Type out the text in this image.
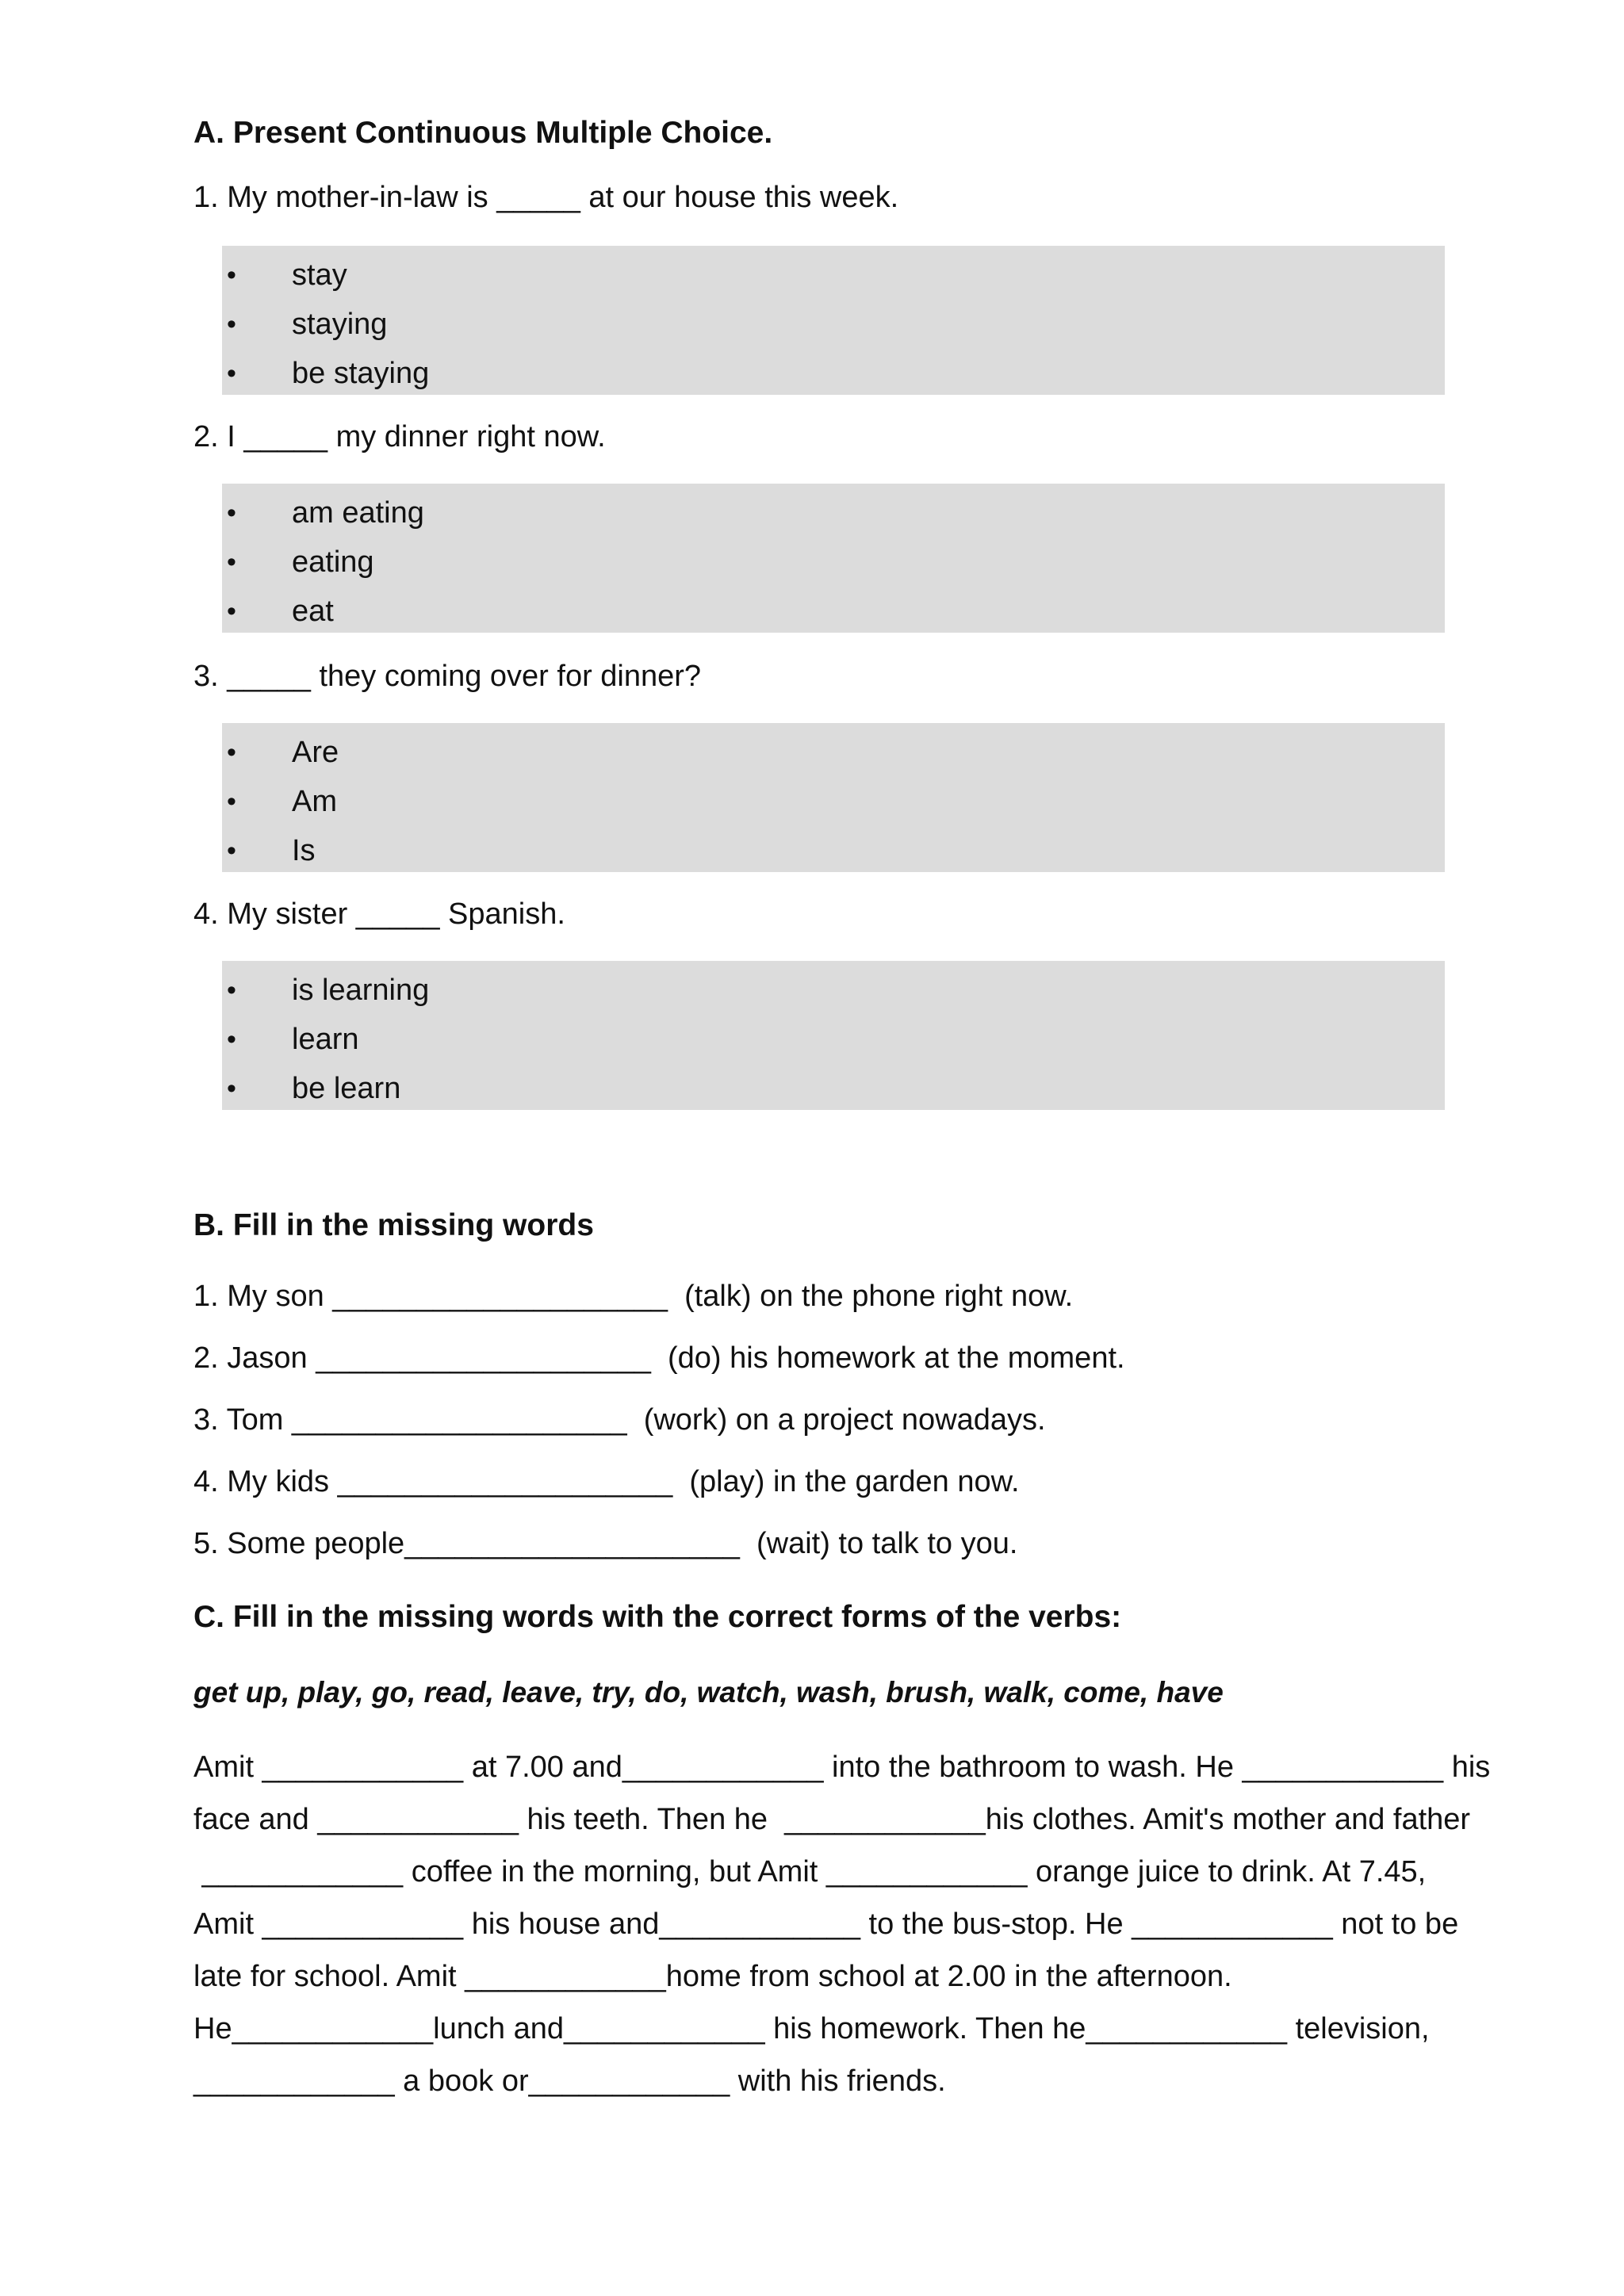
A. Present Continuous Multiple Choice.
1. My mother-in-law is _____ at our house this week.
• stay
• staying
• be staying
2. I _____ my dinner right now.
• am eating
• eating
• eat
3. _____ they coming over for dinner?
• Are
• Am
• Is
4. My sister _____ Spanish.
• is learning
• learn
• be learn
B. Fill in the missing words
1. My son ____________________  (talk) on the phone right now.
2. Jason ____________________  (do) his homework at the moment.
3. Tom ____________________  (work) on a project nowadays.
4. My kids ____________________  (play) in the garden now.
5. Some people____________________  (wait) to talk to you.
C. Fill in the missing words with the correct forms of the verbs:
get up, play, go, read, leave, try, do, watch, wash, brush, walk, come, have
Amit ____________ at 7.00 and____________ into the bathroom to wash. He ____________ his
face and ____________ his teeth. Then he  ____________his clothes. Amit's mother and father
____________ coffee in the morning, but Amit ____________ orange juice to drink. At 7.45,
Amit ____________ his house and____________ to the bus-stop. He ____________ not to be
late for school. Amit ____________home from school at 2.00 in the afternoon.
He____________lunch and____________ his homework. Then he____________ television,
____________ a book or____________ with his friends.
